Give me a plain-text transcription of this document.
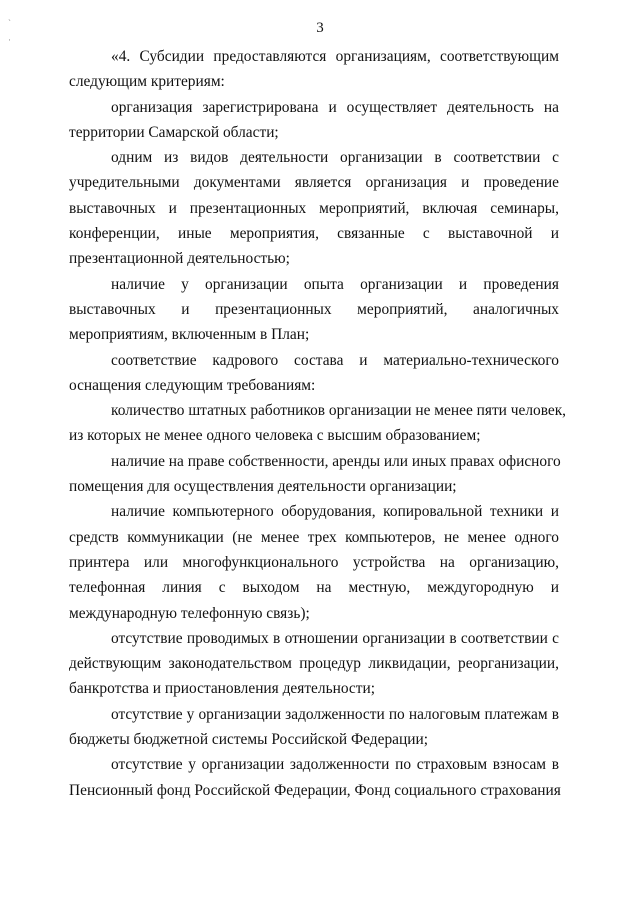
3
ˎ
·
«4. Субсидии предоставляются организациям, соответствующим
следующим критериям:
организация зарегистрирована и осуществляет деятельность на
территории Самарской области;
одним из видов деятельности организации в соответствии с
учредительными документами является организация и проведение
выставочных и презентационных мероприятий, включая семинары,
конференции, иные мероприятия, связанные с выставочной и
презентационной деятельностью;
наличие у организации опыта организации и проведения
выставочных и презентационных мероприятий, аналогичных
мероприятиям, включенным в План;
соответствие кадрового состава и материально-технического
оснащения следующим требованиям:
количество штатных работников организации не менее пяти человек,
из которых не менее одного человека с высшим образованием;
наличие на праве собственности, аренды или иных правах офисного
помещения для осуществления деятельности организации;
наличие компьютерного оборудования, копировальной техники и
средств коммуникации (не менее трех компьютеров, не менее одного
принтера или многофункционального устройства на организацию,
телефонная линия с выходом на местную, междугородную и
международную телефонную связь);
отсутствие проводимых в отношении организации в соответствии с
действующим законодательством процедур ликвидации, реорганизации,
банкротства и приостановления деятельности;
отсутствие у организации задолженности по налоговым платежам в
бюджеты бюджетной системы Российской Федерации;
отсутствие у организации задолженности по страховым взносам в
Пенсионный фонд Российской Федерации, Фонд социального страхования
